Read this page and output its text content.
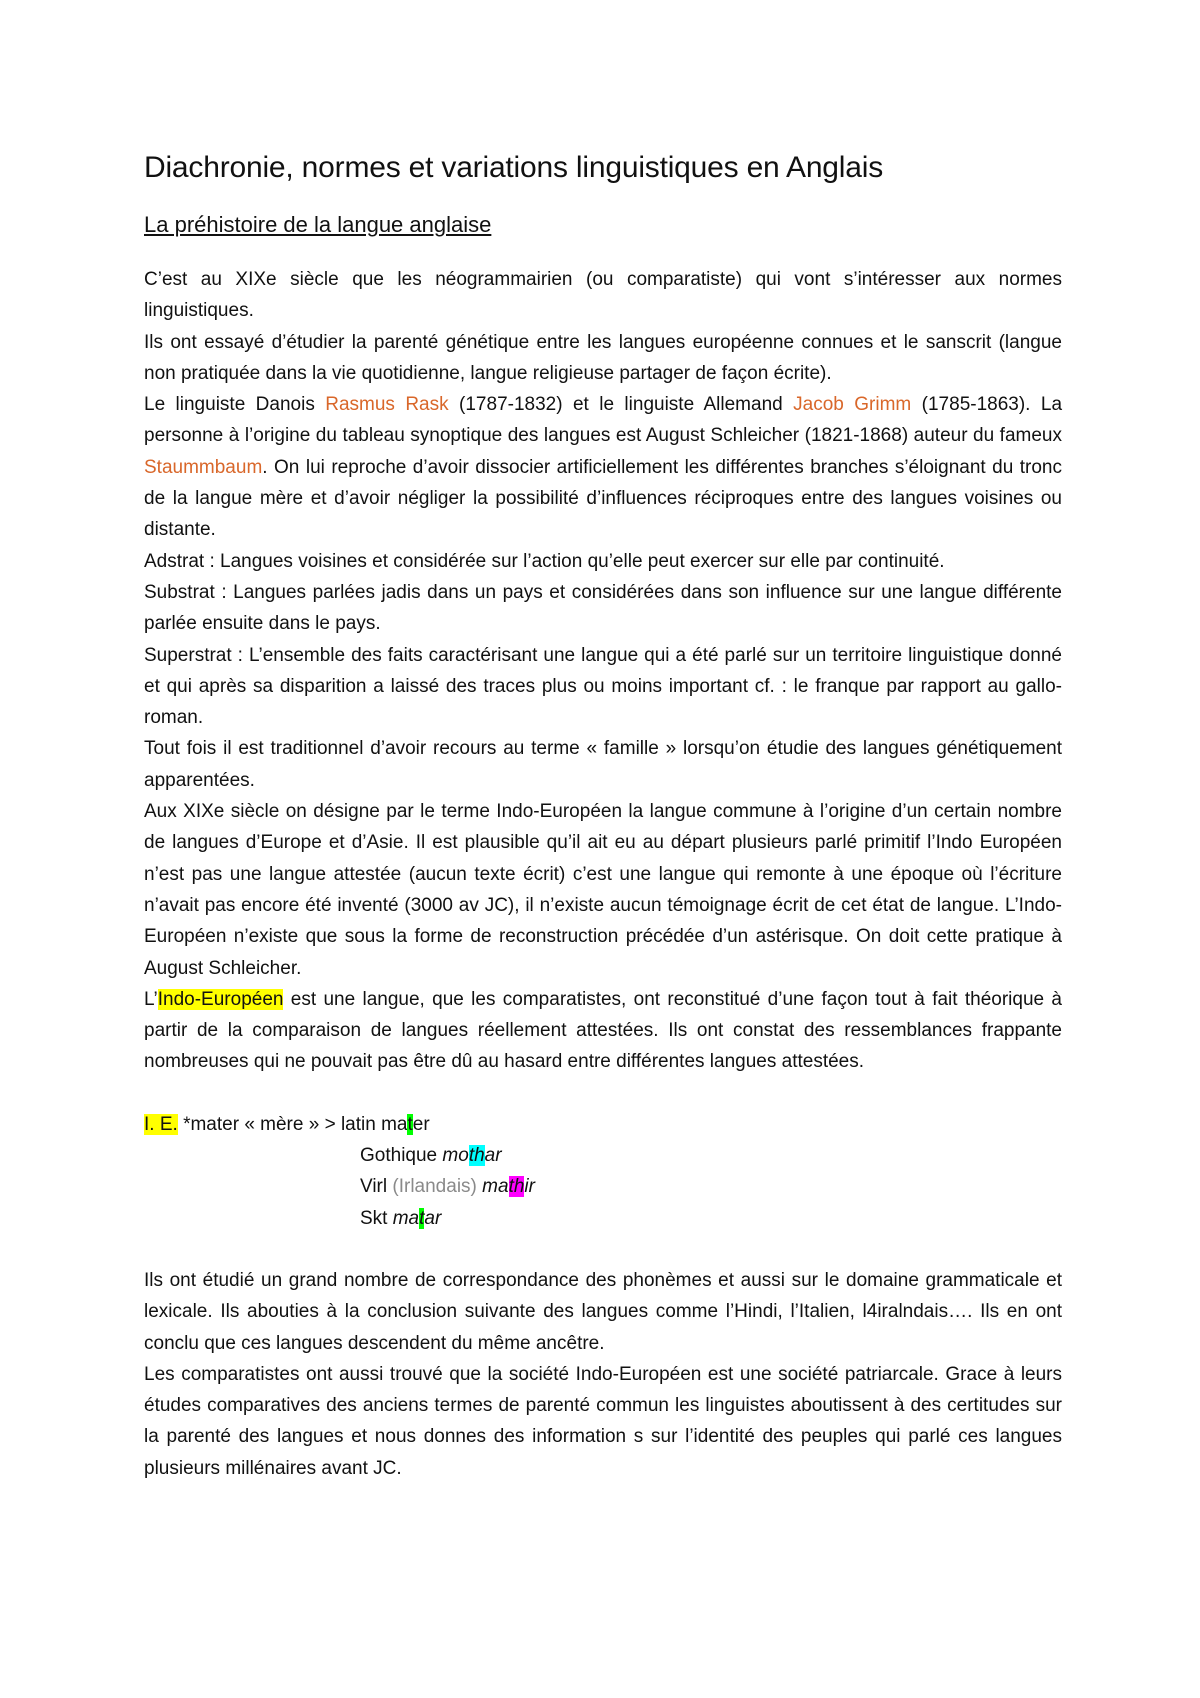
Diachronie, normes et variations linguistiques en Anglais
La préhistoire de la langue anglaise

C’est au XIXe siècle que les néogrammairien (ou comparatiste) qui vont s’intéresser aux normes linguistiques.

Ils ont essayé d’étudier la parenté génétique entre les langues européenne connues et le sanscrit (langue non pratiquée dans la vie quotidienne, langue religieuse partager de façon écrite).

Le linguiste Danois Rasmus Rask (1787-1832) et le linguiste Allemand Jacob Grimm (1785-1863). La personne à l’origine du tableau synoptique des langues est August Schleicher (1821-1868) auteur du fameux Staummbaum. On lui reproche d’avoir dissocier artificiellement les différentes branches s’éloignant du tronc de la langue mère et d’avoir négliger la possibilité d’influences réciproques entre des langues voisines ou distante.

Adstrat : Langues voisines et considérée sur l’action qu’elle peut exercer sur elle par continuité.

Substrat : Langues parlées jadis dans un pays et considérées dans son influence sur une langue différente parlée ensuite dans le pays.

Superstrat : L’ensemble des faits caractérisant une langue qui a été parlé sur un territoire linguistique donné et qui après sa disparition a laissé des traces plus ou moins important cf. : le franque par rapport au gallo-roman.

Tout fois il est traditionnel d’avoir recours au terme « famille » lorsqu’on étudie des langues génétiquement apparentées.

Aux XIXe siècle on désigne par le terme Indo-Européen la langue commune à l’origine d’un certain nombre de langues d’Europe et d’Asie. Il est plausible qu’il ait eu au départ plusieurs parlé primitif l’Indo Européen n’est pas une langue attestée (aucun texte écrit) c’est une langue qui remonte à une époque où l’écriture n’avait pas encore été inventé (3000 av JC), il n’existe aucun témoignage écrit de cet état de langue. L’Indo-Européen n’existe que sous la forme de reconstruction précédée d’un astérisque. On doit cette pratique à August Schleicher.

L’Indo-Européen est une langue, que les comparatistes, ont reconstitué d’une façon tout à fait théorique à partir de la comparaison de langues réellement attestées. Ils ont constat des ressemblances frappante nombreuses qui ne pouvait pas être dû au hasard entre différentes langues attestées.

I. E. *mater « mère » > latin mater

Gothique mothar

Virl (Irlandais) mathir

Skt matar

Ils ont étudié un grand nombre de correspondance des phonèmes et aussi sur le domaine grammaticale et lexicale. Ils abouties à la conclusion suivante des langues comme l’Hindi, l’Italien, l4iralndais…. Ils en ont conclu que ces langues descendent du même ancêtre.

Les comparatistes ont aussi trouvé que la société Indo-Européen est une société patriarcale. Grace à leurs études comparatives des anciens termes de parenté commun les linguistes aboutissent à des certitudes sur la parenté des langues et nous donnes des information s sur l’identité des peuples qui parlé ces langues plusieurs millénaires avant JC.
